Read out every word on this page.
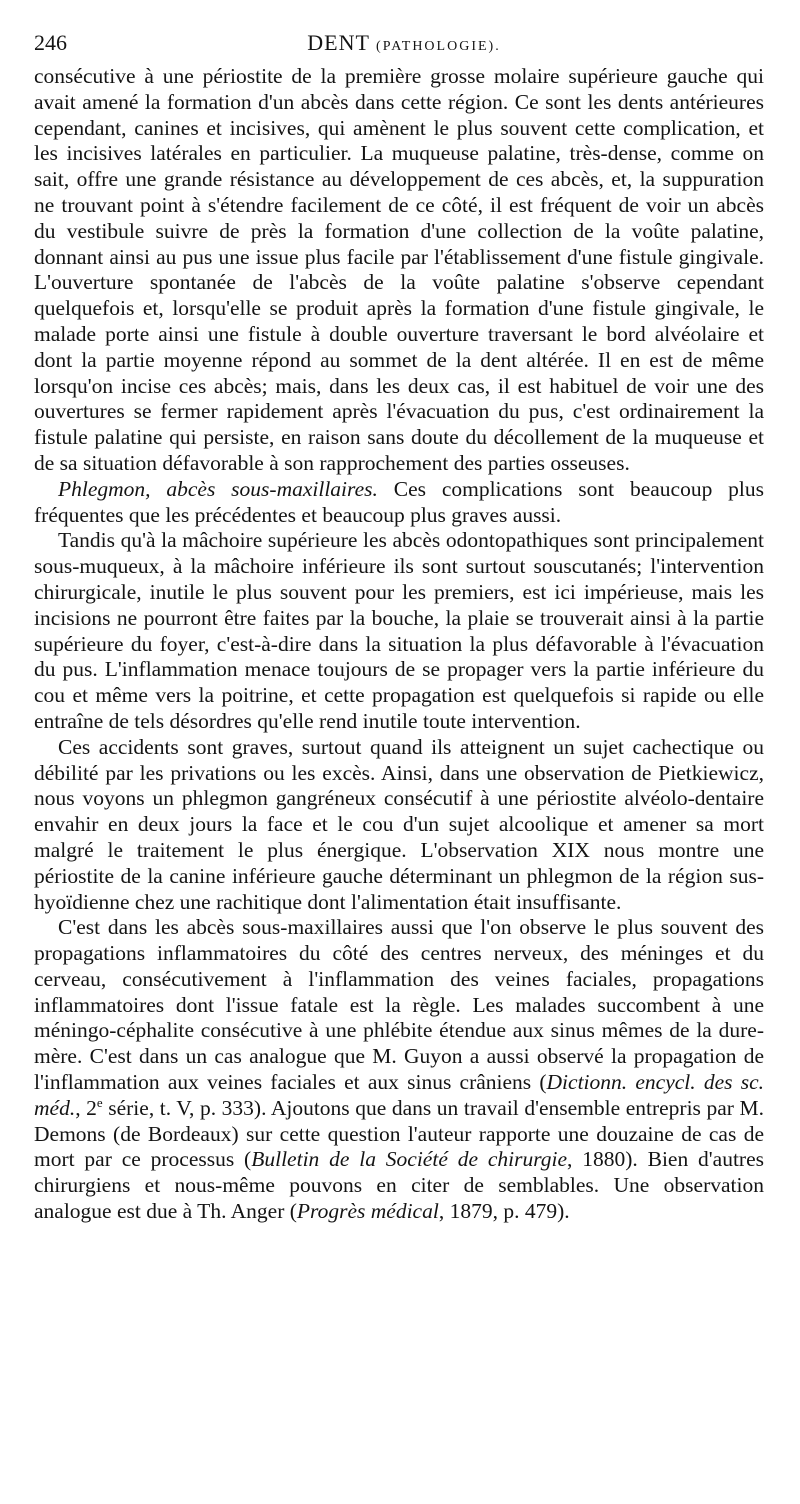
246	DENT (PATHOLOGIE).

consécutive à une périostite de la première grosse molaire supérieure gauche qui avait amené la formation d'un abcès dans cette région. Ce sont les dents antérieures cependant, canines et incisives, qui amènent le plus souvent cette complication, et les incisives latérales en particulier. La muqueuse palatine, très-dense, comme on sait, offre une grande résistance au développement de ces abcès, et, la suppuration ne trouvant point à s'étendre facilement de ce côté, il est fréquent de voir un abcès du vestibule suivre de près la formation d'une collection de la voûte palatine, donnant ainsi au pus une issue plus facile par l'établissement d'une fistule gingivale. L'ouverture spontanée de l'abcès de la voûte palatine s'observe cependant quelquefois et, lorsqu'elle se produit après la formation d'une fistule gingivale, le malade porte ainsi une fistule à double ouverture traversant le bord alvéolaire et dont la partie moyenne répond au sommet de la dent altérée. Il en est de même lorsqu'on incise ces abcès; mais, dans les deux cas, il est habituel de voir une des ouvertures se fermer rapidement après l'évacuation du pus, c'est ordinairement la fistule palatine qui persiste, en raison sans doute du décollement de la muqueuse et de sa situation défavorable à son rapprochement des parties osseuses.

Phlegmon, abcès sous-maxillaires. Ces complications sont beaucoup plus fréquentes que les précédentes et beaucoup plus graves aussi.

Tandis qu'à la mâchoire supérieure les abcès odontopathiques sont principalement sous-muqueux, à la mâchoire inférieure ils sont surtout souscutanés; l'intervention chirurgicale, inutile le plus souvent pour les premiers, est ici impérieuse, mais les incisions ne pourront être faites par la bouche, la plaie se trouverait ainsi à la partie supérieure du foyer, c'est-à-dire dans la situation la plus défavorable à l'évacuation du pus. L'inflammation menace toujours de se propager vers la partie inférieure du cou et même vers la poitrine, et cette propagation est quelquefois si rapide ou elle entraîne de tels désordres qu'elle rend inutile toute intervention.

Ces accidents sont graves, surtout quand ils atteignent un sujet cachectique ou débilité par les privations ou les excès. Ainsi, dans une observation de Pietkiewicz, nous voyons un phlegmon gangréneux consécutif à une périostite alvéolo-dentaire envahir en deux jours la face et le cou d'un sujet alcoolique et amener sa mort malgré le traitement le plus énergique. L'observation XIX nous montre une périostite de la canine inférieure gauche déterminant un phlegmon de la région sus-hyoïdienne chez une rachitique dont l'alimentation était insuffisante.

C'est dans les abcès sous-maxillaires aussi que l'on observe le plus souvent des propagations inflammatoires du côté des centres nerveux, des méninges et du cerveau, consécutivement à l'inflammation des veines faciales, propagations inflammatoires dont l'issue fatale est la règle. Les malades succombent à une méningo-céphalite consécutive à une phlébite étendue aux sinus mêmes de la dure-mère. C'est dans un cas analogue que M. Guyon a aussi observé la propagation de l'inflammation aux veines faciales et aux sinus crâniens (Dictionn. encycl. des sc. méd., 2e série, t. V, p. 333). Ajoutons que dans un travail d'ensemble entrepris par M. Demons (de Bordeaux) sur cette question l'auteur rapporte une douzaine de cas de mort par ce processus (Bulletin de la Société de chirurgie, 1880). Bien d'autres chirurgiens et nous-même pouvons en citer de semblables. Une observation analogue est due à Th. Anger (Progrès médical, 1879, p. 479).
